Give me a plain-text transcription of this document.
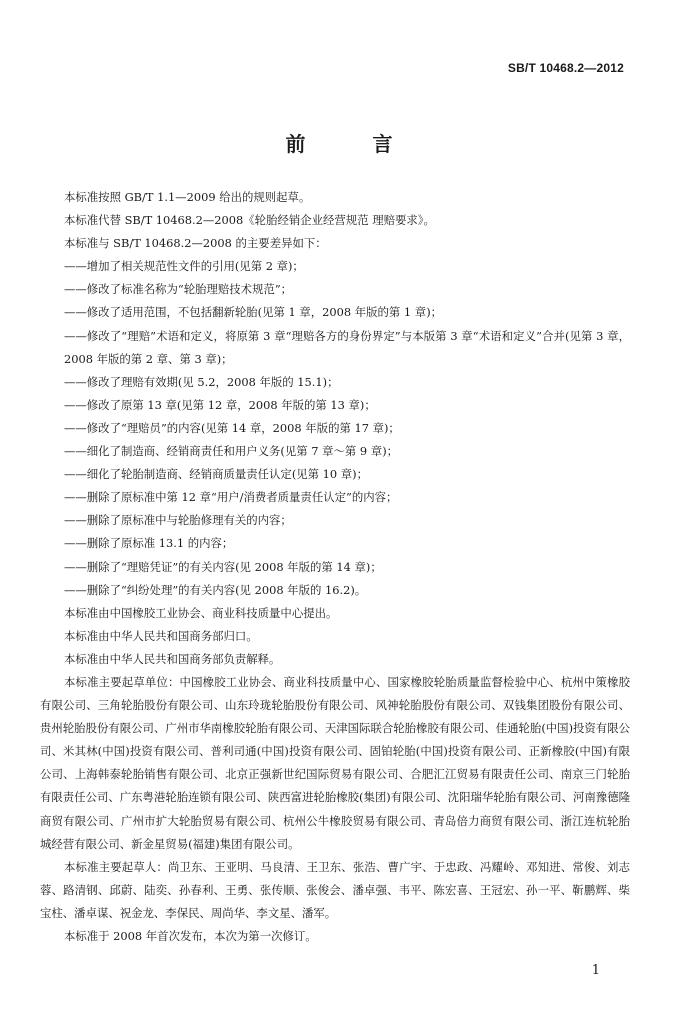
SB/T 10468.2—2012
前 言

本标准按照 GB/T 1.1—2009 给出的规则起草。

本标准代替 SB/T 10468.2—2008《轮胎经销企业经营规范 理赔要求》。

本标准与 SB/T 10468.2—2008 的主要差异如下：

——增加了相关规范性文件的引用(见第 2 章)；

——修改了标准名称为“轮胎理赔技术规范”；

——修改了适用范围，不包括翻新轮胎(见第 1 章，2008 年版的第 1 章)；

——修改了“理赔”术语和定义，将原第 3 章“理赔各方的身份界定”与本版第 3 章“术语和定义”合并(见第 3 章，2008 年版的第 2 章、第 3 章)；

——修改了理赔有效期(见 5.2，2008 年版的 15.1)；

——修改了原第 13 章(见第 12 章，2008 年版的第 13 章)；

——修改了“理赔员”的内容(见第 14 章，2008 年版的第 17 章)；

——细化了制造商、经销商责任和用户义务(见第 7 章～第 9 章)；

——细化了轮胎制造商、经销商质量责任认定(见第 10 章)；

——删除了原标准中第 12 章“用户/消费者质量责任认定”的内容；

——删除了原标准中与轮胎修理有关的内容；

——删除了原标准 13.1 的内容；

——删除了“理赔凭证”的有关内容(见 2008 年版的第 14 章)；

——删除了“纠纷处理”的有关内容(见 2008 年版的 16.2)。

本标准由中国橡胶工业协会、商业科技质量中心提出。

本标准由中华人民共和国商务部归口。

本标准由中华人民共和国商务部负责解释。

本标准主要起草单位：中国橡胶工业协会、商业科技质量中心、国家橡胶轮胎质量监督检验中心、杭州中策橡胶有限公司、三角轮胎股份有限公司、山东玲珑轮胎股份有限公司、风神轮胎股份有限公司、双钱集团股份有限公司、贵州轮胎股份有限公司、广州市华南橡胶轮胎有限公司、天津国际联合轮胎橡胶有限公司、佳通轮胎(中国)投资有限公司、米其林(中国)投资有限公司、普利司通(中国)投资有限公司、固铂轮胎(中国)投资有限公司、正新橡胶(中国)有限公司、上海韩泰轮胎销售有限公司、北京正强新世纪国际贸易有限公司、合肥汇江贸易有限责任公司、南京三门轮胎有限责任公司、广东粤港轮胎连锁有限公司、陕西富进轮胎橡胶(集团)有限公司、沈阳瑞华轮胎有限公司、河南豫德隆商贸有限公司、广州市扩大轮胎贸易有限公司、杭州公牛橡胶贸易有限公司、青岛倍力商贸有限公司、浙江连杭轮胎城经营有限公司、新金星贸易(福建)集团有限公司。

本标准主要起草人：尚卫东、王亚明、马良清、王卫东、张浩、曹广宇、于忠政、冯耀岭、邓知进、常俊、刘志蓉、路清钢、邱蔚、陆奕、孙春利、王勇、张传顺、张俊会、潘卓强、韦平、陈宏喜、王冠宏、孙一平、靳鹏辉、柴宝柱、潘卓谋、祝金龙、李保民、周尚华、李文星、潘军。

本标准于 2008 年首次发布，本次为第一次修订。

1
